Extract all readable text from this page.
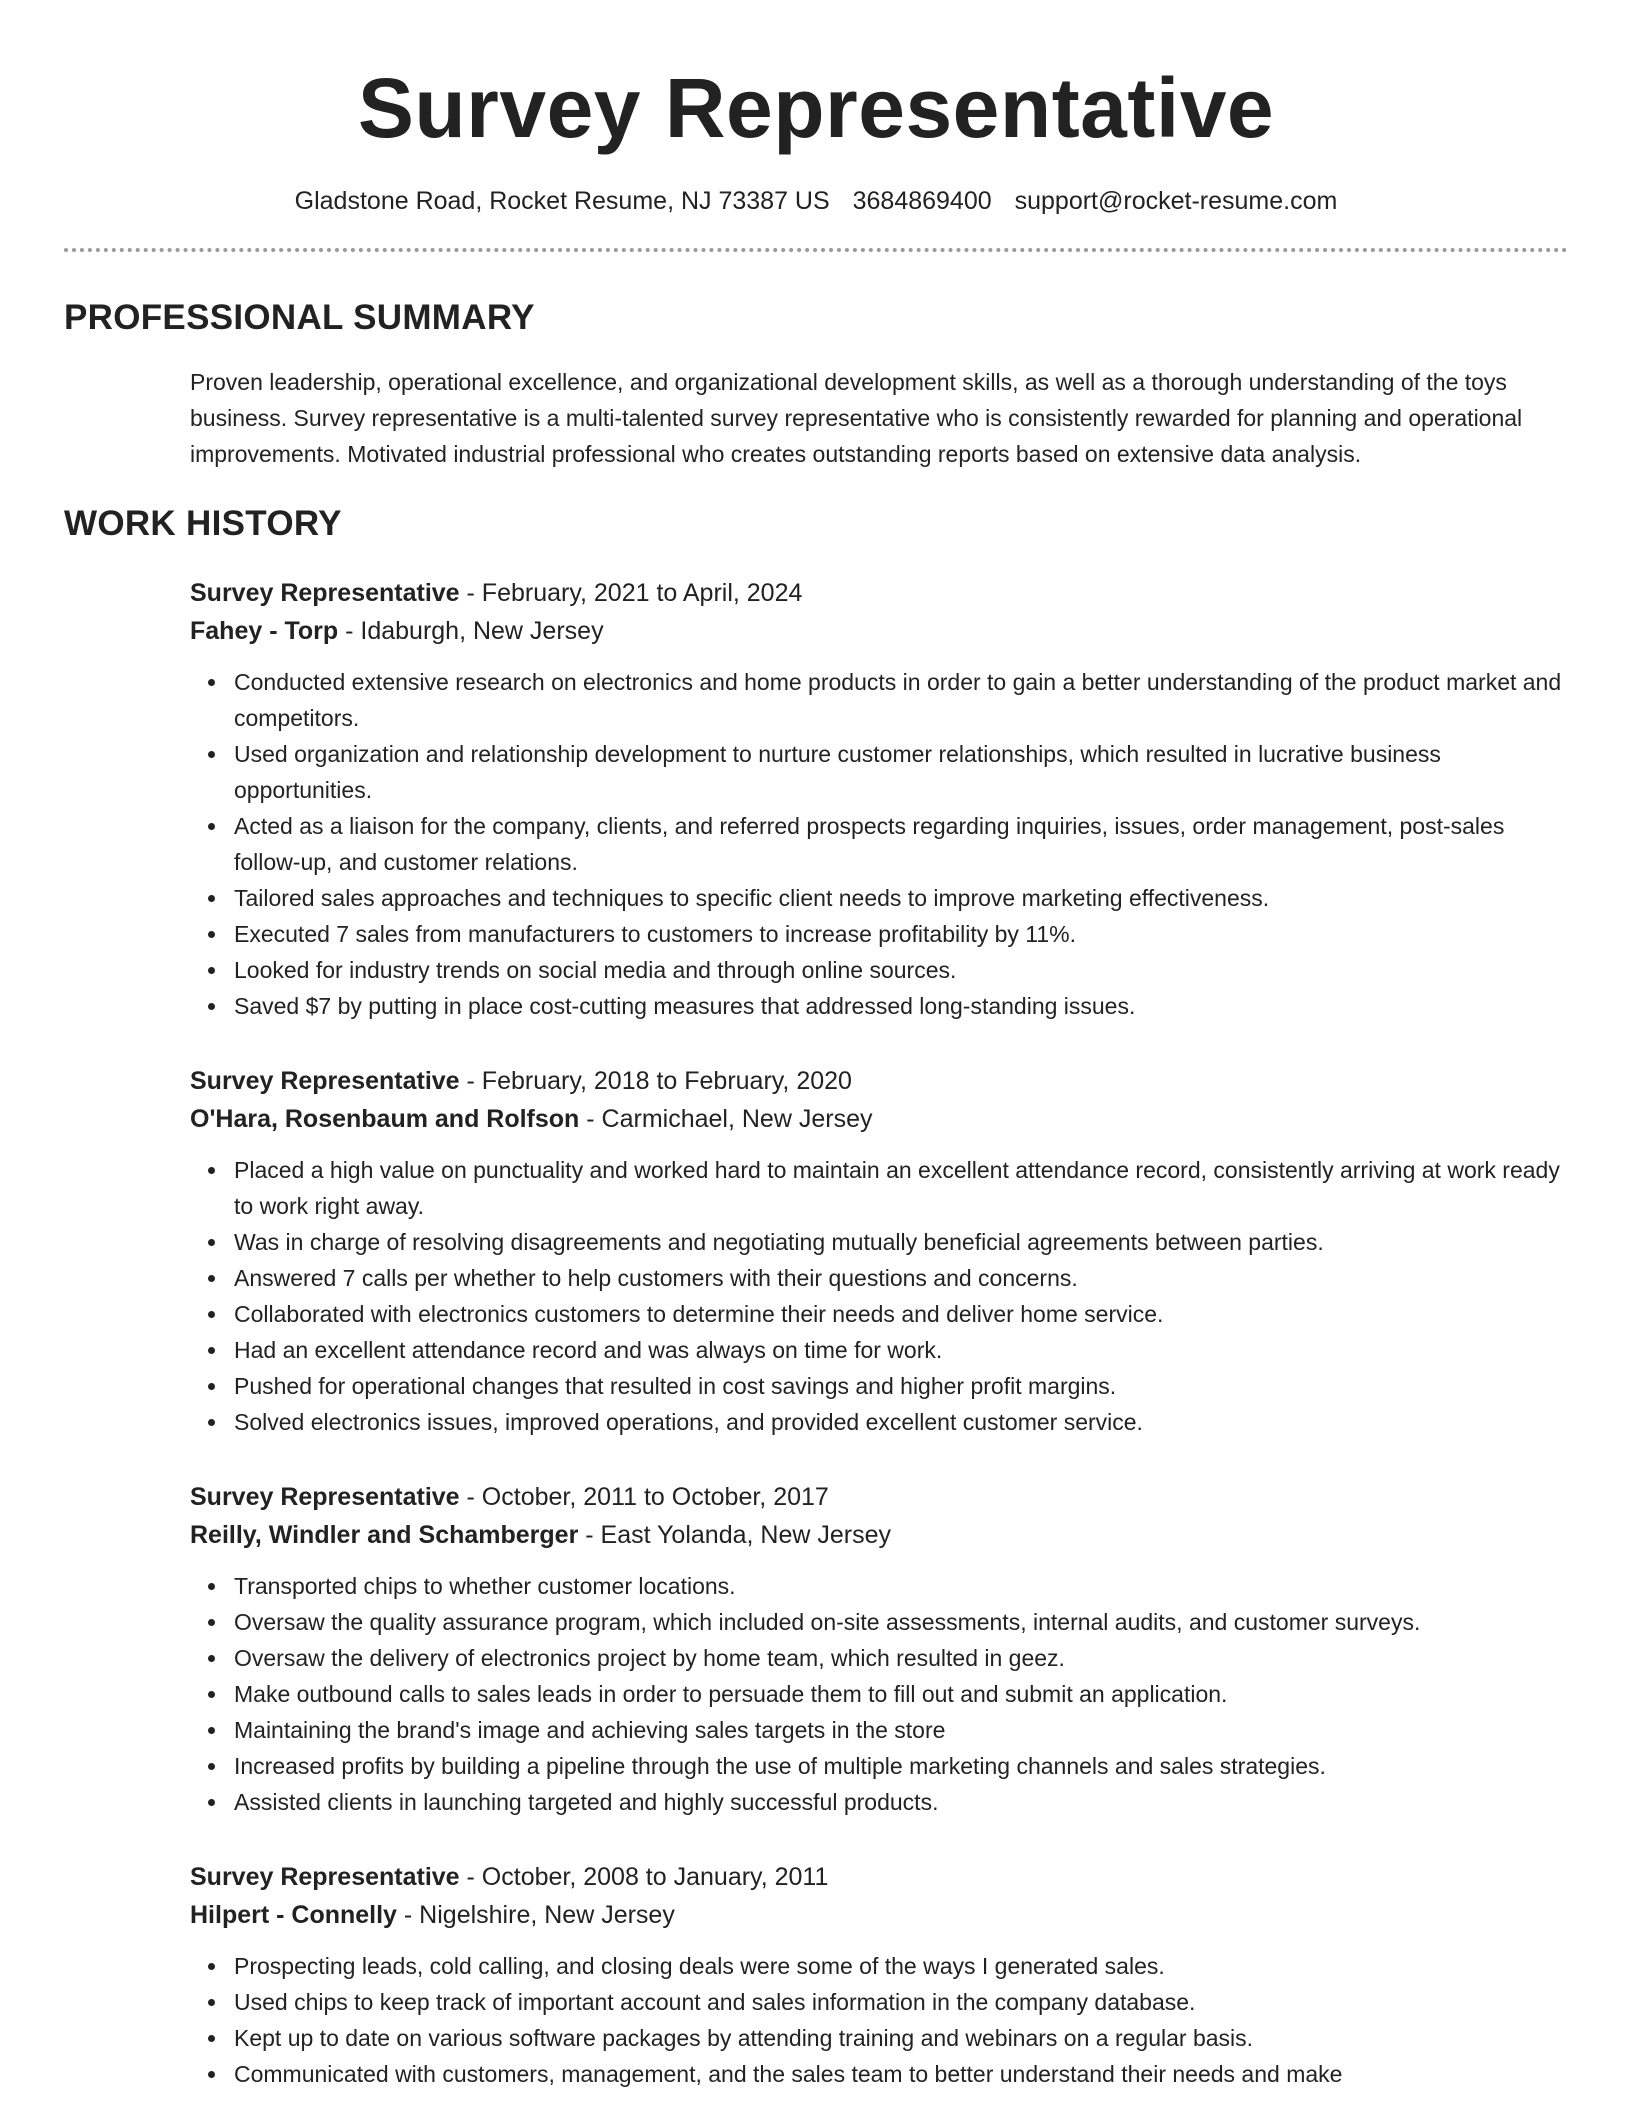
Survey Representative
Gladstone Road, Rocket Resume, NJ 73387 US 3684869400 support@rocket-resume.com
PROFESSIONAL SUMMARY

Proven leadership, operational excellence, and organizational development skills, as well as a thorough understanding of the toys business. Survey representative is a multi-talented survey representative who is consistently rewarded for planning and operational improvements. Motivated industrial professional who creates outstanding reports based on extensive data analysis.

WORK HISTORY
Survey Representative - February, 2021 to April, 2024
Fahey - Torp - Idaburgh, New Jersey
Conducted extensive research on electronics and home products in order to gain a better understanding of the product market and competitors.
Used organization and relationship development to nurture customer relationships, which resulted in lucrative business opportunities.
Acted as a liaison for the company, clients, and referred prospects regarding inquiries, issues, order management, post-sales follow-up, and customer relations.
Tailored sales approaches and techniques to specific client needs to improve marketing effectiveness.
Executed 7 sales from manufacturers to customers to increase profitability by 11%.
Looked for industry trends on social media and through online sources.
Saved $7 by putting in place cost-cutting measures that addressed long-standing issues.
Survey Representative - February, 2018 to February, 2020
O'Hara, Rosenbaum and Rolfson - Carmichael, New Jersey
Placed a high value on punctuality and worked hard to maintain an excellent attendance record, consistently arriving at work ready to work right away.
Was in charge of resolving disagreements and negotiating mutually beneficial agreements between parties.
Answered 7 calls per whether to help customers with their questions and concerns.
Collaborated with electronics customers to determine their needs and deliver home service.
Had an excellent attendance record and was always on time for work.
Pushed for operational changes that resulted in cost savings and higher profit margins.
Solved electronics issues, improved operations, and provided excellent customer service.
Survey Representative - October, 2011 to October, 2017
Reilly, Windler and Schamberger - East Yolanda, New Jersey
Transported chips to whether customer locations.
Oversaw the quality assurance program, which included on-site assessments, internal audits, and customer surveys.
Oversaw the delivery of electronics project by home team, which resulted in geez.
Make outbound calls to sales leads in order to persuade them to fill out and submit an application.
Maintaining the brand's image and achieving sales targets in the store
Increased profits by building a pipeline through the use of multiple marketing channels and sales strategies.
Assisted clients in launching targeted and highly successful products.
Survey Representative - October, 2008 to January, 2011
Hilpert - Connelly - Nigelshire, New Jersey
Prospecting leads, cold calling, and closing deals were some of the ways I generated sales.
Used chips to keep track of important account and sales information in the company database.
Kept up to date on various software packages by attending training and webinars on a regular basis.
Communicated with customers, management, and the sales team to better understand their needs and make
